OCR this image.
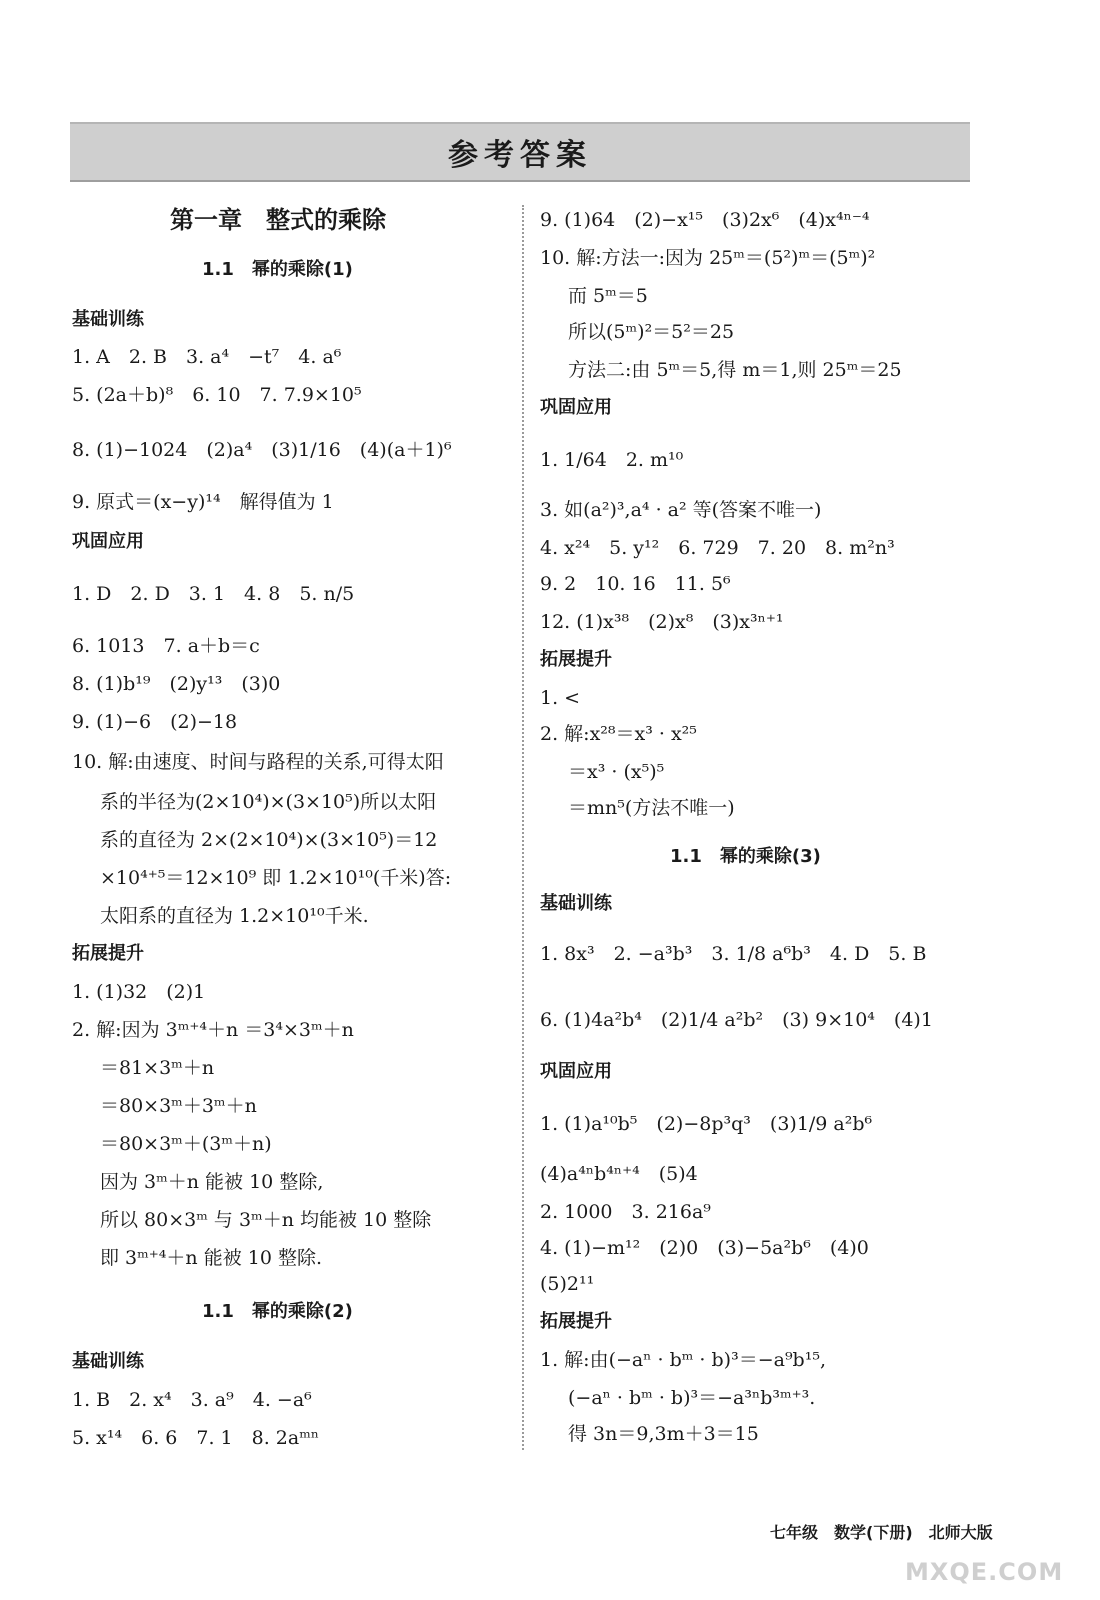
参考答案
第一章　整式的乘除
1.1　幂的乘除(1)
基础训练
1. A　2. B　3. a⁴　−t⁷　4. a⁶
5. (2a＋b)⁸　6. 10　7. 7.9×10⁵
8. (1)−1024　(2)a⁴　(3)1/16　(4)(a＋1)⁶
9. 原式＝(x−y)¹⁴　解得值为 1
巩固应用
1. D　2. D　3. 1　4. 8　5. n/5
6. 1013　7. a＋b＝c
8. (1)b¹⁹　(2)y¹³　(3)0
9. (1)−6　(2)−18
10. 解:由速度、时间与路程的关系,可得太阳
系的半径为(2×10⁴)×(3×10⁵)所以太阳
系的直径为 2×(2×10⁴)×(3×10⁵)＝12
×10⁴⁺⁵＝12×10⁹ 即 1.2×10¹⁰(千米)答:
太阳系的直径为 1.2×10¹⁰千米.
拓展提升
1. (1)32　(2)1
2. 解:因为 3ᵐ⁺⁴＋n ＝3⁴×3ᵐ＋n
＝81×3ᵐ＋n
＝80×3ᵐ＋3ᵐ＋n
＝80×3ᵐ＋(3ᵐ＋n)
因为 3ᵐ＋n 能被 10 整除,
所以 80×3ᵐ 与 3ᵐ＋n 均能被 10 整除
即 3ᵐ⁺⁴＋n 能被 10 整除.
1.1　幂的乘除(2)
基础训练
1. B　2. x⁴　3. a⁹　4. −a⁶
5. x¹⁴　6. 6　7. 1　8. 2aᵐⁿ
9. (1)64　(2)−x¹⁵　(3)2x⁶　(4)x⁴ⁿ⁻⁴
10. 解:方法一:因为 25ᵐ＝(5²)ᵐ＝(5ᵐ)²
而 5ᵐ＝5
所以(5ᵐ)²＝5²＝25
方法二:由 5ᵐ＝5,得 m＝1,则 25ᵐ＝25
巩固应用
1. 1/64　2. m¹⁰
3. 如(a²)³,a⁴ · a² 等(答案不唯一)
4. x²⁴　5. y¹²　6. 729　7. 20　8. m²n³
9. 2　10. 16　11. 5⁶
12. (1)x³⁸　(2)x⁸　(3)x³ⁿ⁺¹
拓展提升
1. <
2. 解:x²⁸＝x³ · x²⁵
＝x³ · (x⁵)⁵
＝mn⁵(方法不唯一)
1.1　幂的乘除(3)
基础训练
1. 8x³　2. −a³b³　3. 1/8 a⁶b³　4. D　5. B
6. (1)4a²b⁴　(2)1/4 a²b²　(3) 9×10⁴　(4)1
巩固应用
1. (1)a¹⁰b⁵　(2)−8p³q³　(3)1/9 a²b⁶
(4)a⁴ⁿb⁴ⁿ⁺⁴　(5)4
2. 1000　3. 216a⁹
4. (1)−m¹²　(2)0　(3)−5a²b⁶　(4)0
(5)2¹¹
拓展提升
1. 解:由(−aⁿ · bᵐ · b)³＝−a⁹b¹⁵,
(−aⁿ · bᵐ · b)³＝−a³ⁿb³ᵐ⁺³.
得 3n＝9,3m＋3＝15
七年级　数学(下册)　北师大版
MXQE.COM
